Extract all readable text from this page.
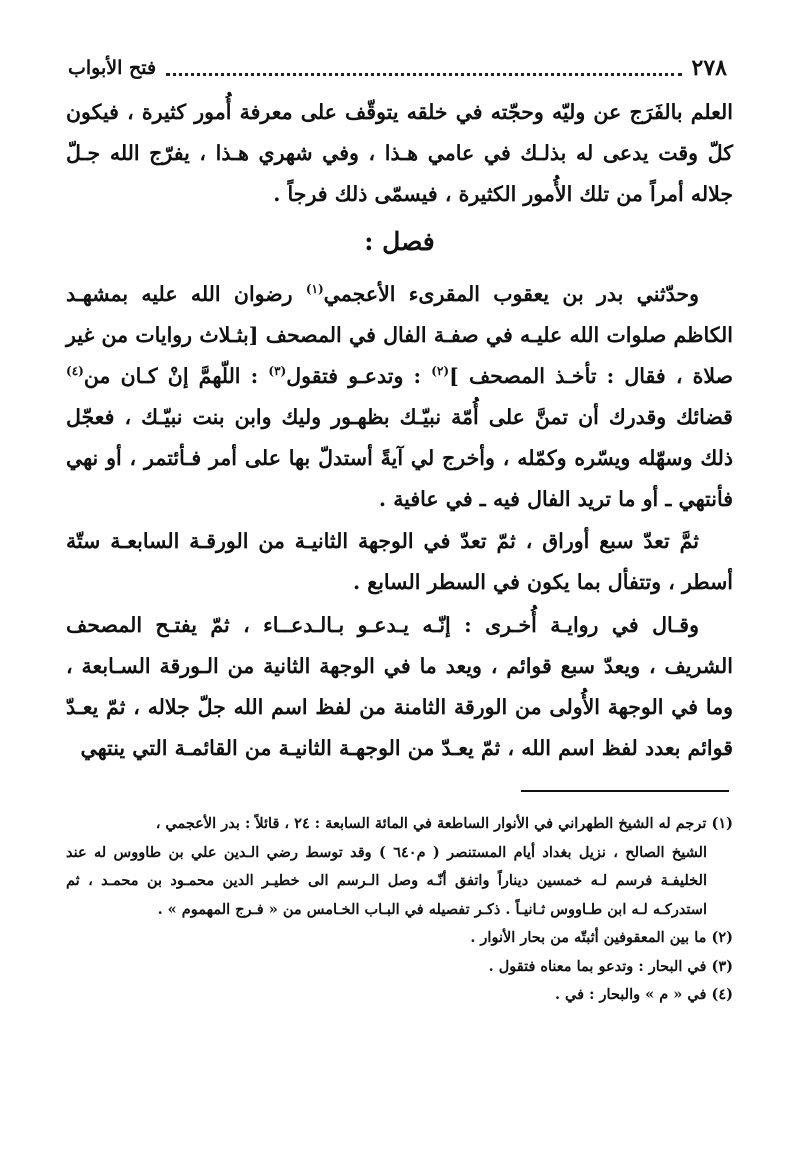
٢٧٨
فتح الأبواب

العلم بالفَرَج عن وليّه وحجّته في خلقه يتوقّف على معرفة أُمور كثيرة ، فيكون كلّ وقت يدعى له بذلـك في عامي هـذا ، وفي شهري هـذا ، يفرّج الله جـلّ جلاله أمراً من تلك الأُمور الكثيرة ، فيسمّى ذلك فرجاً .

فصل :

وحدّثني بدر بن يعقوب المقرىء الأعجمي$^{(١)}$ رضوان الله عليه بمشهـد الكاظم صلوات الله عليـه في صفـة الفال في المصحف [بثـلاث روايات من غير صلاة ، فقال : تأخـذ المصحف ]$^{(٢)}$ : وتدعـو فتقول$^{(٣)}$ : اللّهمَّ إنْ كـان من$^{(٤)}$ قضائك وقدرك أن تمنَّ على أُمّة نبيّـك بظهـور وليك وابن بنت نبيّـك ، فعجّل ذلك وسهّله ويسّره وكمّله ، وأخرج لي آيةً أستدلّ بها على أمر فـأئتمر ، أو نهي فأنتهي ـ أو ما تريد الفال فيه ـ في عافية .

ثمَّ تعدّ سبع أوراق ، ثمّ تعدّ في الوجهة الثانيـة من الورقـة السابعـة ستّة أسطر ، وتتفأل بما يكون في السطر السابع .

وقـال في روايـة أُخـرى : إنّـه يـدعـو بـالـدعــاء ، ثمّ يفتـح المصحف الشريف ، ويعدّ سبع قوائم ، ويعد ما في الوجهة الثانية من الـورقة السـابعة ، وما في الوجهة الأُولى من الورقة الثامنة من لفظ اسم الله جلّ جلاله ، ثمّ يعـدّ قوائم بعدد لفظ اسم الله ، ثمّ يعـدّ من الوجهـة الثانيـة من القائمـة التي ينتهي

(١) ترجم له الشيخ الطهراني في الأنوار الساطعة في المائة السابعة : ٢٤ ، قائلاً : بدر الأعجمي ،
الشيخ الصالح ، نزيل بغداد أيام المستنصر ( م٦٤٠ ) وقد توسط رضي الـدين علي بن طاووس له عند الخليفـة فرسم لـه خمسين ديناراً واتفق أنّـه وصل الـرسم الى خطيـر الدين محمـود بن محمـد ، ثم استدركـه لـه ابن طـاووس ثـانيـاً . ذكـر تفصيله في البـاب الخـامس من « فـرج المهموم » .
(٢) ما بين المعقوفين أثبتّه من بحار الأنوار .
(٣) في البحار : وتدعو بما معناه فتقول .
(٤) في « م » والبحار : في .
